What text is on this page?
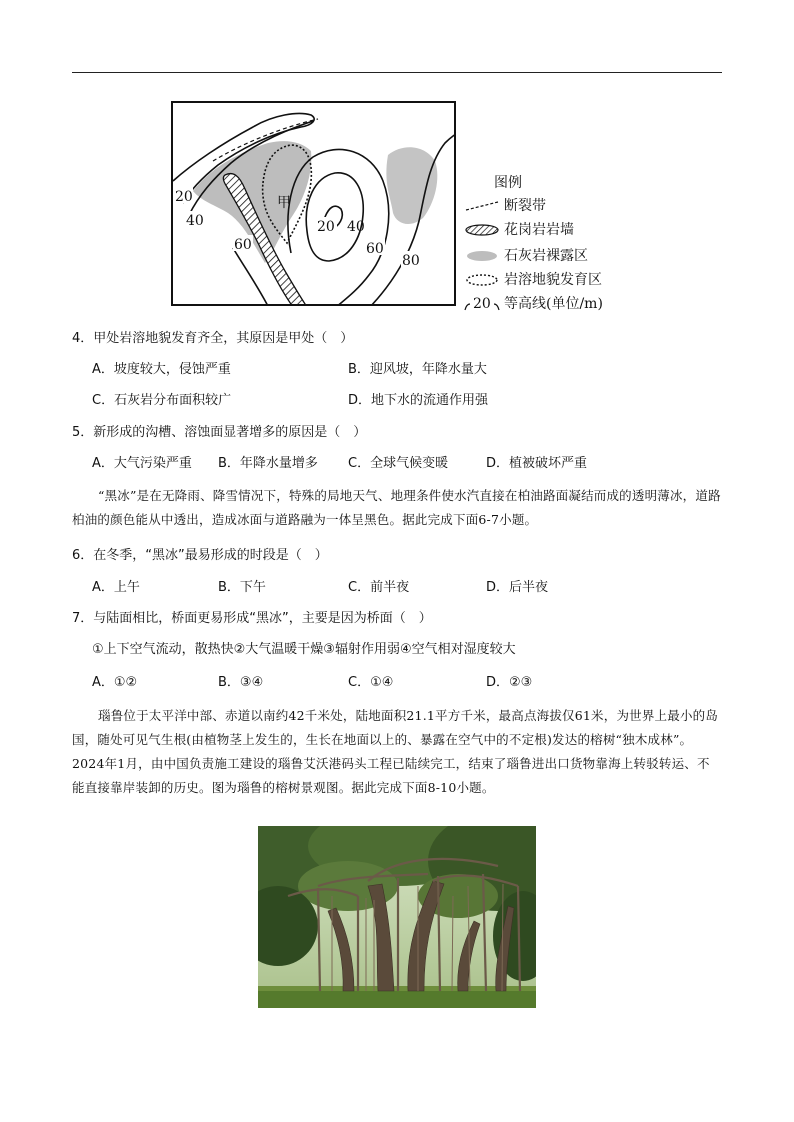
20
40
60
甲
20 40
60
80
图例
断裂带
花岗岩岩墙
石灰岩裸露区
岩溶地貌发育区
20 等高线(单位/m)
4．甲处岩溶地貌发育齐全，其原因是甲处（　）
A．坡度较大，侵蚀严重	B．迎风坡，年降水量大
C．石灰岩分布面积较广	D．地下水的流通作用强
5．新形成的沟槽、溶蚀面显著增多的原因是（　）
A．大气污染严重 B．年降水量增多 C．全球气候变暖	D．植被破坏严重
“黑冰”是在无降雨、降雪情况下，特殊的局地天气、地理条件使水汽直接在柏油路面凝结而成的透明薄冰，道路柏油的颜色能从中透出，造成冰面与道路融为一体呈黑色。据此完成下面6-7小题。
6．在冬季，“黑冰”最易形成的时段是（　）
A．上午	B．下午	C．前半夜	D．后半夜
7．与陆面相比，桥面更易形成“黑冰”，主要是因为桥面（　）
①上下空气流动，散热快②大气温暖干燥③辐射作用弱④空气相对湿度较大
A．①②	B．③④	C．①④	D．②③
瑙鲁位于太平洋中部、赤道以南约42千米处，陆地面积21.1平方千米，最高点海拔仅61米，为世界上最小的岛国，随处可见气生根(由植物茎上发生的，生长在地面以上的、暴露在空气中的不定根)发达的榕树“独木成林”。2024年1月，由中国负责施工建设的瑙鲁艾沃港码头工程已陆续完工，结束了瑙鲁进出口货物靠海上转驳转运、不能直接靠岸装卸的历史。图为瑙鲁的榕树景观图。据此完成下面8-10小题。
